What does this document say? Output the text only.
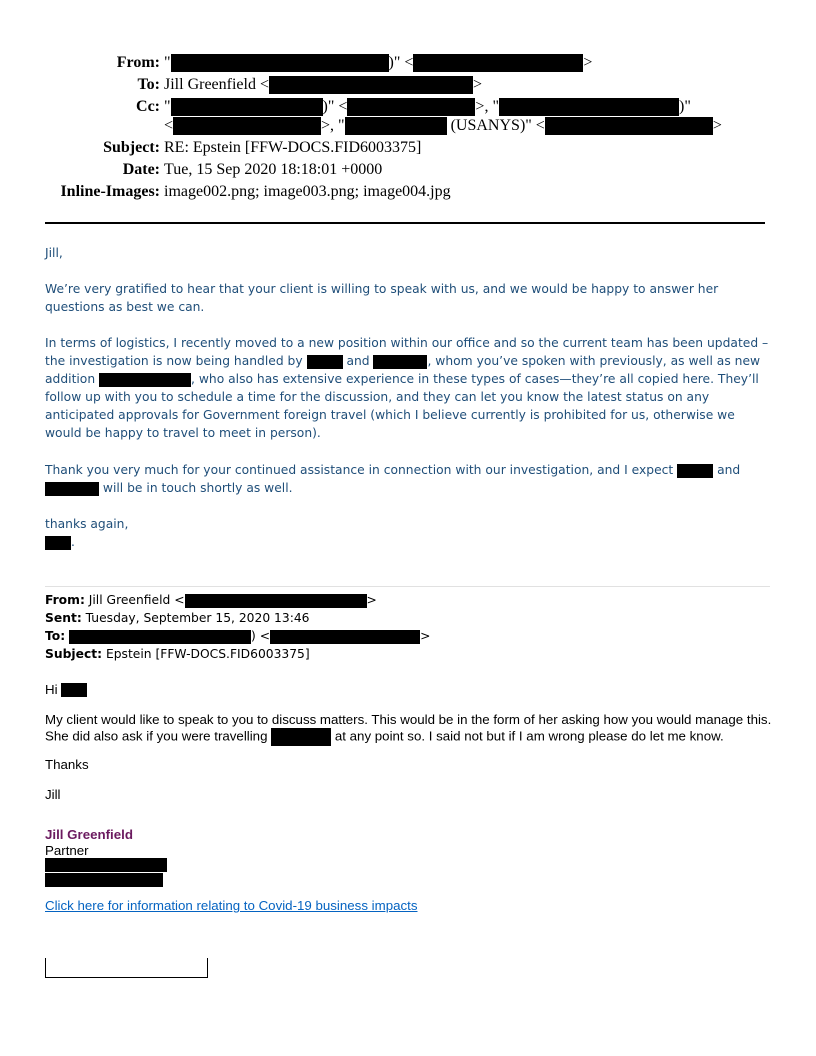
From: "	)" <	>
To: Jill Greenfield <	>
Cc: "	)" <	>, "	)"
<	>, "	(USANYS)" <	>
Subject: RE: Epstein [FFW-DOCS.FID6003375]
Date: Tue, 15 Sep 2020 18:18:01 +0000
Inline-Images: image002.png; image003.png; image004.jpg

Jill,

We’re very gratified to hear that your client is willing to speak with us, and we would be happy to answer her questions as best we can.

In terms of logistics, I recently moved to a new position within our office and so the current team has been updated – the investigation is now being handled by	and	, whom you’ve spoken with previously, as well as new addition	, who also has extensive experience in these types of cases—they’re all copied here. They’ll follow up with you to schedule a time for the discussion, and they can let you know the latest status on any anticipated approvals for Government foreign travel (which I believe currently is prohibited for us, otherwise we would be happy to travel to meet in person).

Thank you very much for your continued assistance in connection with our investigation, and I expect	and  will be in touch shortly as well.

thanks again,

.

From: Jill Greenfield <	>
Sent: Tuesday, September 15, 2020 13:46
To:	) <	>
Subject: Epstein [FFW-DOCS.FID6003375]
Hi
My client would like to speak to you to discuss matters. This would be in the form of her asking how you would manage this. She did also ask if you were travelling	at any point so. I said not but if I am wrong please do let me know.
Thanks
Jill
Jill Greenfield
Partner
Click here for information relating to Covid-19 business impacts
